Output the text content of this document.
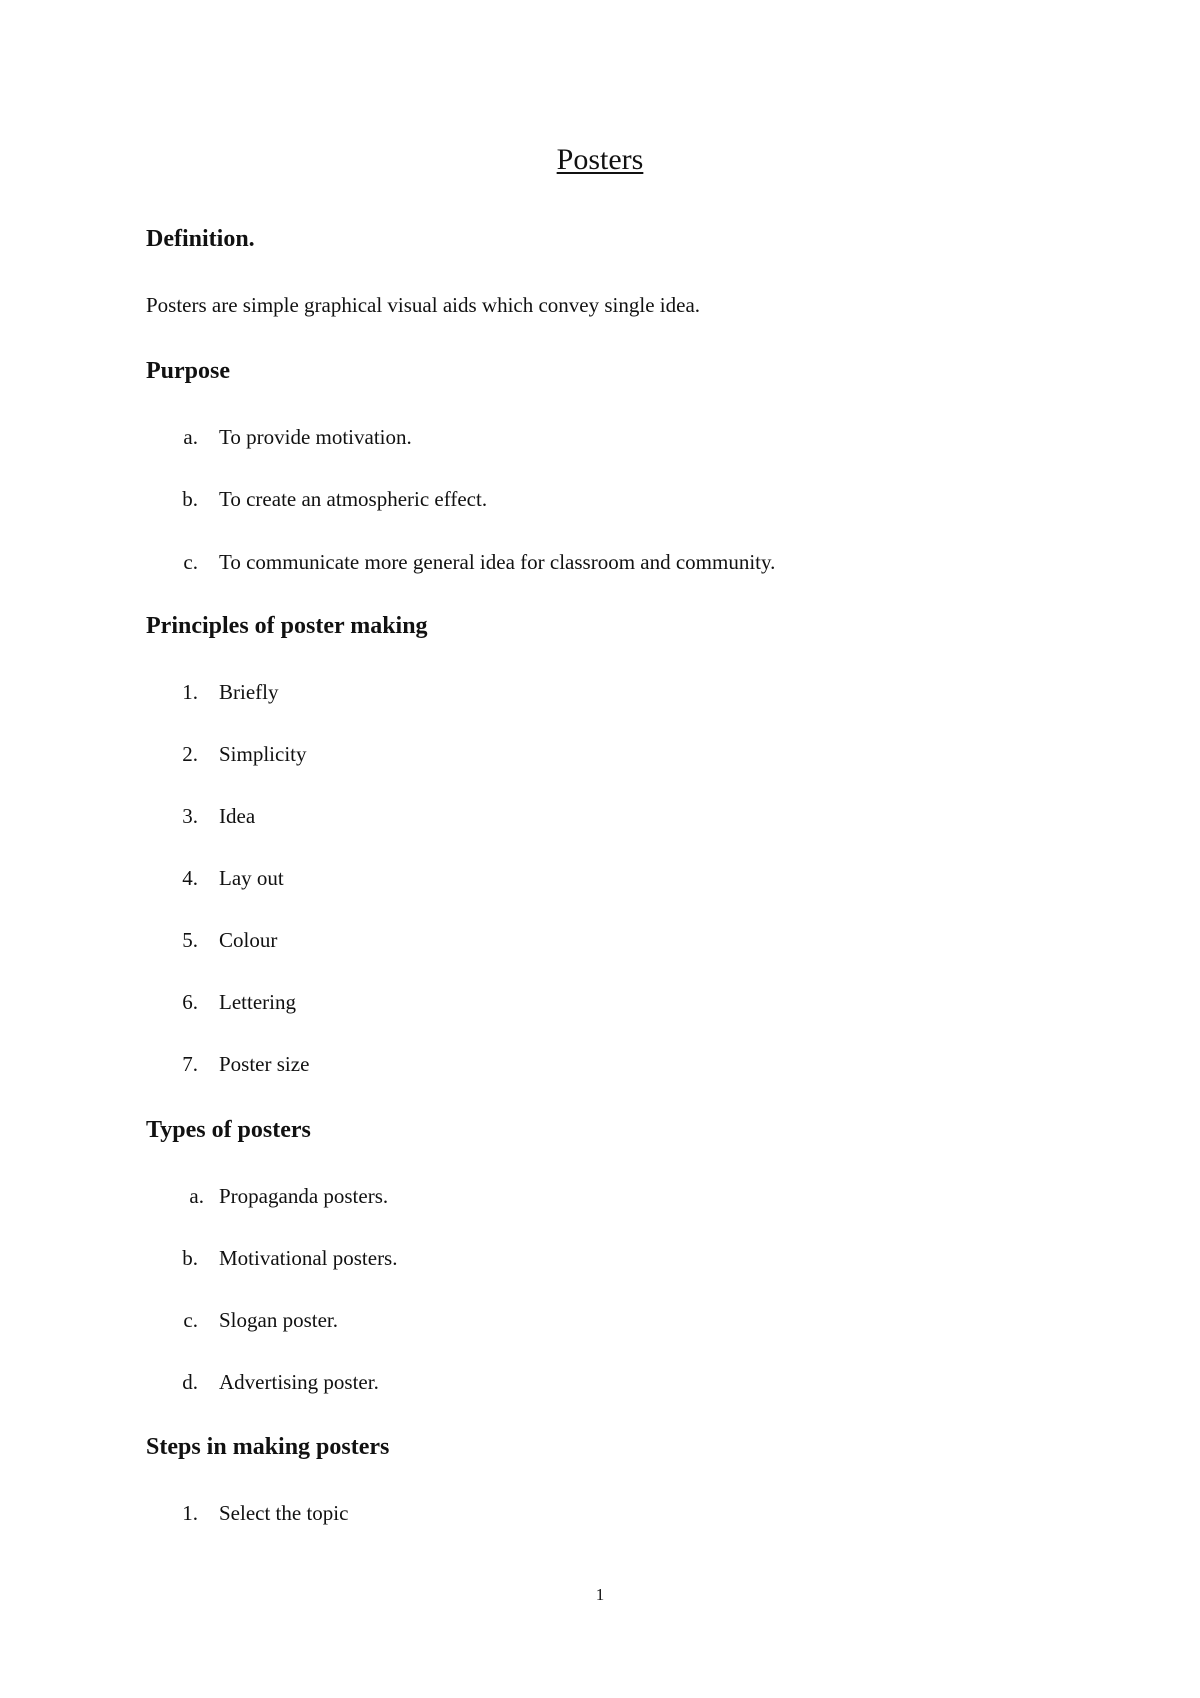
Posters
Definition.
Posters are simple graphical visual aids which convey single idea.
Purpose
a. To provide motivation.
b. To create an atmospheric effect.
c. To communicate more general idea for classroom and community.
Principles of poster making
1. Briefly
2. Simplicity
3. Idea
4. Lay out
5. Colour
6. Lettering
7. Poster size
Types of posters
a. Propaganda posters.
b. Motivational posters.
c. Slogan poster.
d. Advertising poster.
Steps in making posters
1. Select the topic
1
